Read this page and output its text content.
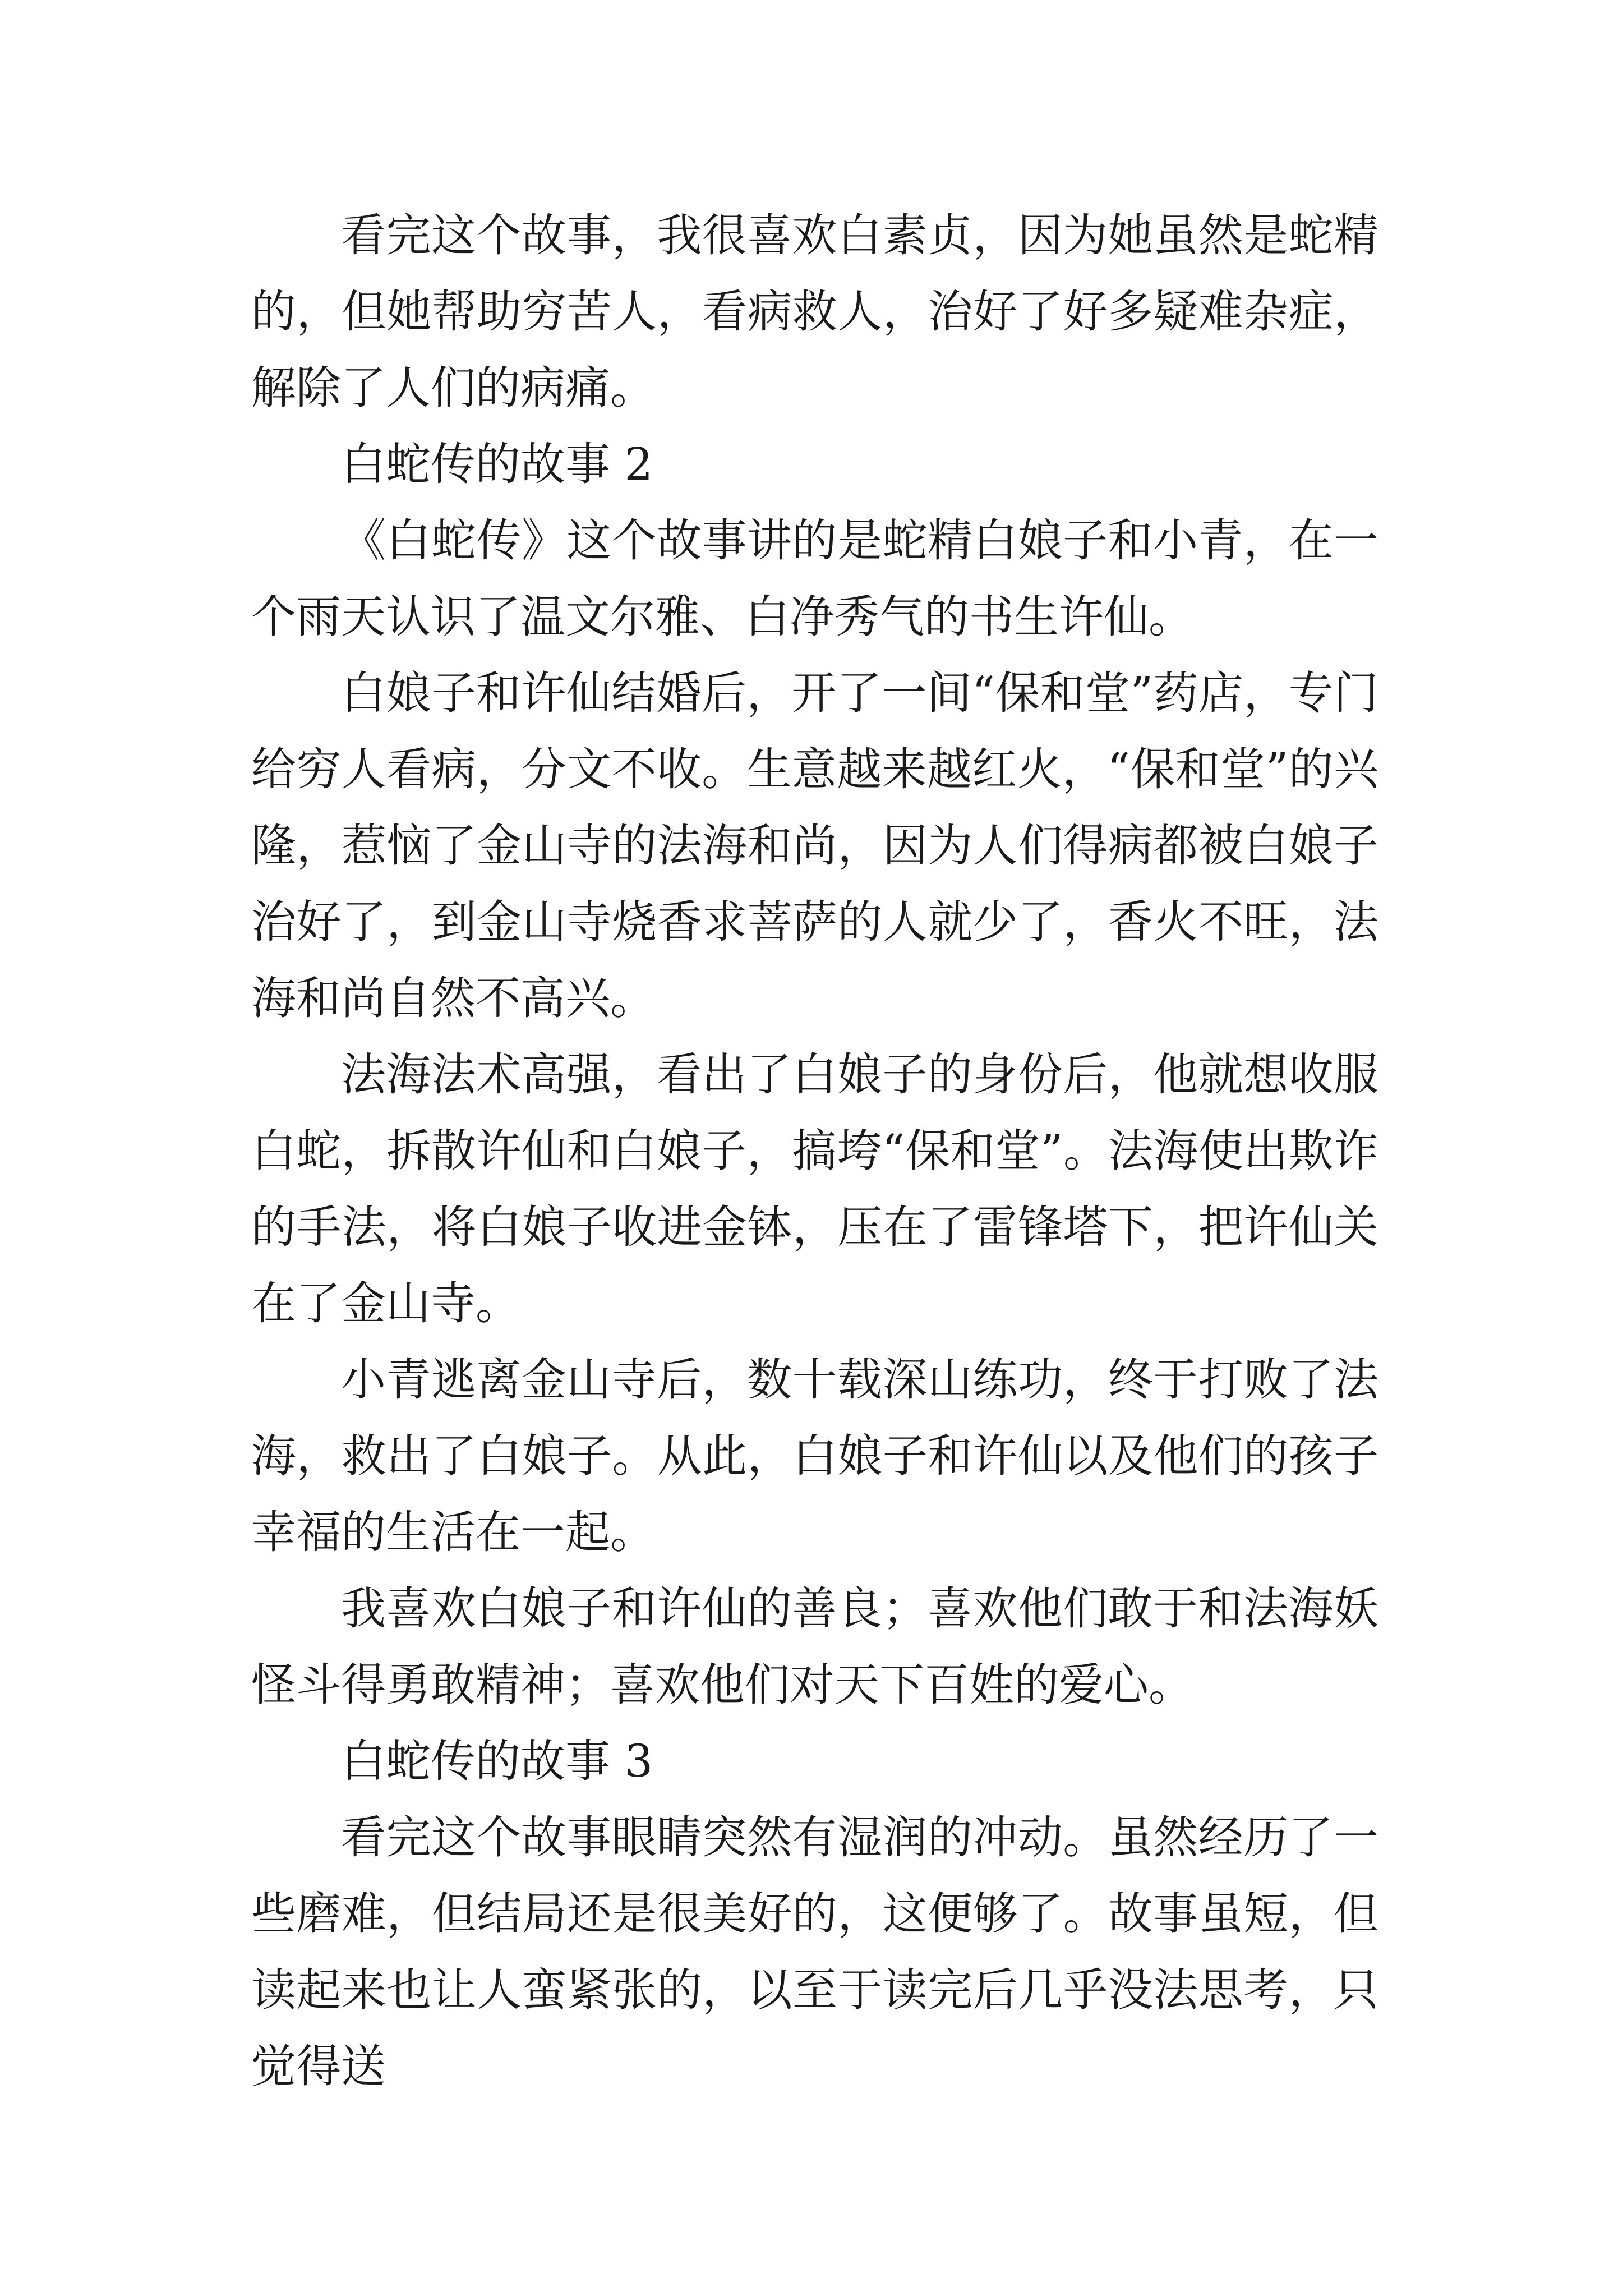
看完这个故事，我很喜欢白素贞，因为她虽然是蛇精的，但她帮助穷苦人，看病救人，治好了好多疑难杂症，解除了人们的病痛。

白蛇传的故事 2

《白蛇传》这个故事讲的是蛇精白娘子和小青，在一个雨天认识了温文尔雅、白净秀气的书生许仙。

白娘子和许仙结婚后，开了一间“保和堂”药店，专门给穷人看病，分文不收。生意越来越红火，“保和堂”的兴隆，惹恼了金山寺的法海和尚，因为人们得病都被白娘子治好了，到金山寺烧香求菩萨的人就少了，香火不旺，法海和尚自然不高兴。

法海法术高强，看出了白娘子的身份后，他就想收服白蛇，拆散许仙和白娘子，搞垮“保和堂”。法海使出欺诈的手法，将白娘子收进金钵，压在了雷锋塔下，把许仙关在了金山寺。

小青逃离金山寺后，数十载深山练功，终于打败了法海，救出了白娘子。从此，白娘子和许仙以及他们的孩子幸福的生活在一起。

我喜欢白娘子和许仙的善良；喜欢他们敢于和法海妖怪斗得勇敢精神；喜欢他们对天下百姓的爱心。

白蛇传的故事 3

看完这个故事眼睛突然有湿润的冲动。虽然经历了一些磨难，但结局还是很美好的，这便够了。故事虽短，但读起来也让人蛮紧张的，以至于读完后几乎没法思考，只觉得送
